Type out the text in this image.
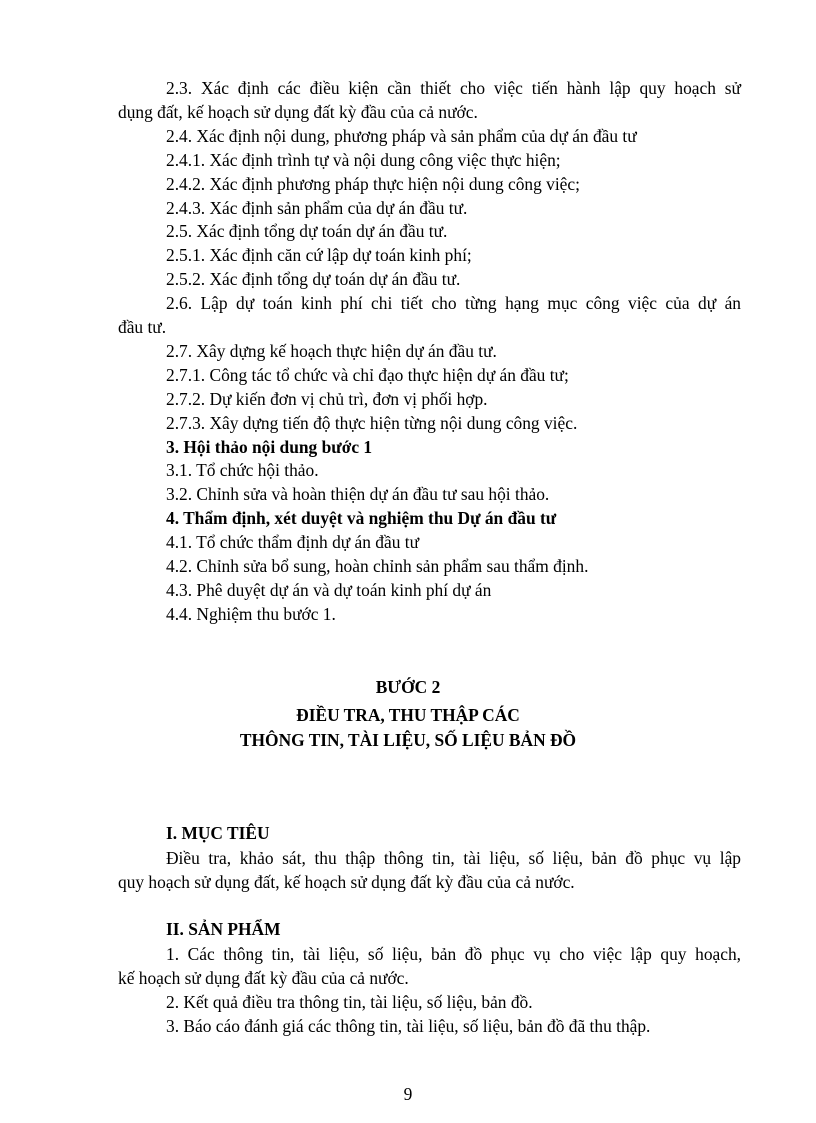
2.3. Xác định các điều kiện cần thiết cho việc tiến hành lập quy hoạch sử

dụng đất, kế hoạch sử dụng đất kỳ đầu của cả nước.

2.4. Xác định nội dung, phương pháp và sản phẩm của dự án đầu tư

2.4.1. Xác định trình tự và nội dung công việc thực hiện;

2.4.2. Xác định phương pháp thực hiện nội dung công việc;

2.4.3. Xác định sản phẩm của dự án đầu tư.

2.5. Xác định tổng dự toán dự án đầu tư.

2.5.1. Xác định căn cứ lập dự toán kinh phí;

2.5.2. Xác định tổng dự toán dự án đầu tư.

2.6. Lập dự toán kinh phí chi tiết cho từng hạng mục công việc của dự án

đầu tư.

2.7. Xây dựng kế hoạch thực hiện dự án đầu tư.

2.7.1. Công tác tổ chức và chỉ đạo thực hiện dự án đầu tư;

2.7.2. Dự kiến đơn vị chủ trì, đơn vị phối hợp.

2.7.3. Xây dựng tiến độ thực hiện từng nội dung công việc.

3. Hội thảo nội dung bước 1

3.1. Tổ chức hội thảo.

3.2. Chỉnh sửa và hoàn thiện dự án đầu tư sau hội thảo.

4. Thẩm định, xét duyệt và nghiệm thu Dự án đầu tư

4.1. Tổ chức thẩm định dự án đầu tư

4.2. Chỉnh sửa bổ sung, hoàn chỉnh sản phẩm sau thẩm định.

4.3. Phê duyệt dự án và dự toán kinh phí dự án

4.4. Nghiệm thu bước 1.

BƯỚC 2

ĐIỀU TRA, THU THẬP CÁC

THÔNG TIN, TÀI LIỆU, SỐ LIỆU BẢN ĐỒ

I. MỤC TIÊU

Điều tra, khảo sát, thu thập thông tin, tài liệu, số liệu, bản đồ phục vụ lập

quy hoạch sử dụng đất, kế hoạch sử dụng đất kỳ đầu của cả nước.

II. SẢN PHẨM

1. Các thông tin, tài liệu, số liệu, bản đồ phục vụ cho việc lập quy hoạch,

kế hoạch sử dụng đất kỳ đầu của cả nước.

2. Kết quả điều tra thông tin, tài liệu, số liệu, bản đồ.

3. Báo cáo đánh giá các thông tin, tài liệu, số liệu, bản đồ đã thu thập.

9
